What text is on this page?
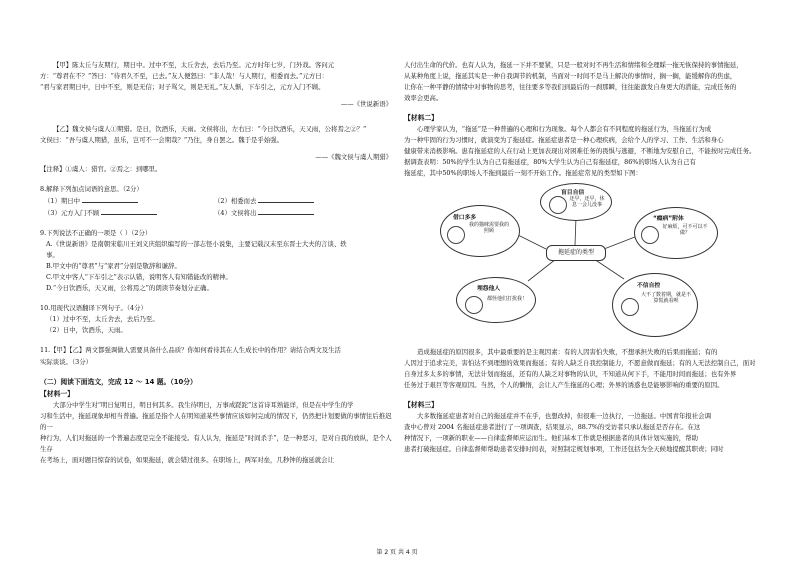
【甲】陈太丘与友期行，期日中。过中不至，太丘舍去，去后乃至。元方时年七岁，门外戏。客问元

方：“尊君在不？”答曰：“待君久不至，已去。”友人便怒曰：“非人哉！与人期行，相委而去。”元方曰：

“君与家君期日中，日中不至，则是无信；对子骂父，则是无礼。”友人惭，下车引之，元方入门不顾。

——《世说新语》

【乙】魏文侯与虞人①期猎。是日，饮酒乐，天雨。文侯将出，左右曰：“今日饮酒乐，天又雨，公将焉之②？”

文侯曰：“吾与虞人期猎，虽乐，岂可不一会期哉？”乃往，身自罢之。魏于是乎始强。

——《魏文侯与虞人期猎》
【注释】①虞人：猎官。②焉之：到哪里。
8.解释下列加点词语的意思。（2分）
（1）期日中	（2）相委而去
（3）元方入门不顾	（4）文侯将出
9.下列说法不正确的一项是（ ）（2分）
A.《世说新语》是南朝宋临川王刘义庆组织编写的一部志怪小说集，主要记载汉末至东晋士大夫的言谈、轶
事。
B.甲文中的“尊君”与“家君”分别是敬辞和谦辞。
C.甲文中客人“下车引之”表示认错，说明客人有知错能改的精神。
D.“今日饮酒乐，天又雨，公将焉之”的朗读节奏划分正确。
10.用现代汉语翻译下列句子。（4分）
（1）过中不至，太丘舍去，去后乃至。
（2）日中，饮酒乐，天雨。
11.【甲】【乙】两文都强调做人需要具备什么品质？你如何看待其在人生成长中的作用？请结合两文及生活
实际谈谈。（3分）
（二）阅读下面选文，完成 12 ～ 14 题。（10分）
【材料一】

大部分中学生对“明日复明日，明日何其多。我生待明日，万事成蹉跎”这首诗耳熟能详，但是在中学生的学

习和生活中，拖延现象却相当普遍。拖延是指个人在明知道某些事情应该如何完成的情况下，仍然把计划要做的事情往后推迟的一

种行为，人们对拖延的一个普遍态度是完全不能接受。有人认为，拖延是“时间杀手”，是一种恶习，是对自我的放纵，是个人生存

在考场上，面对题目惊奋的试卷，如果拖延，就会错过很多。在职场上，两军对垒，几秒钟的拖延就会让

人付出生命的代价。也有人认为，拖延一下并不要紧，只是一般对时不再生活和情绪和全理睬一拖无恢保持的事情拖延，

从某种角度上说，拖延其实是一种自我调节的机制，当面对一时间不是马上解决的事情时，搁一搁，能缓解你的焦虑，

让你在一种平静的情绪中对事物的思考，往往要多等我们到最后的一刹那瞬，往往能激发自身更大的潜能，完成任务的

效率会更高。

【材料二】

心理学家认为，“拖延”是一种普遍的心理和行为现象。每个人都会有不同程度的拖延行为，当拖延行为成

为一种牢固的行为习惯时，就演变为了拖延症。拖延症患者是一种心理疾病，会给个人的学习、工作、生活和身心

健康带来消极影响。患有拖延症的人在行动上更加表现出对困难任务的畏惧与逃避，不断地为安慰自己，不能按时完成任务。

据调查表明：50%的学生认为自己有拖延症，80%大学生认为自己有拖延症，86%的职场人认为自己有

拖延症，其中50%的职场人不拖到最后一刻不开始工作。拖延症常见的类型如下图：

拖延症的类型
盲目自信
还早，还早，休息一会儿没事
借口多多
我的猫咪需要我的照顾
“瘾病”附体
好麻烦，可不可以不做？
埋怨他人
都怪他们打扰我！
不信自控
大不了数着期，就是不算慌就看呗

造成拖延症的原因很多，其中最重要的是主观因素：有的人因害怕失败，不想承担失败的后果而拖延；有的

人因过于追求完美，害怕达不到理想的效果而拖延；有的人缺乏自我控制能力，不愿意做而拖延；有的人无法控制自己，面对

自身过多太多的事情，无法计划而拖延，还有的人缺乏对事物的认识，不知道从何下手，不能用时间而拖延；也有外界

任务过于艰巨等客观原因。当然，个人的懒惰，会让人产生拖延的心理；外界的诱惑也是能够影响的重要的原因。

【材料三】

大多数拖延症患者对自己的拖延症并不在乎，也想改掉，但很难一边执行，一边拖延。中国青年报社会调

查中心曾对 2004 名拖延症患者进行了一项调查，结果显示，88.7%的受访者只承认拖延是否存在。在这

种情况下，一项新的职业——自律监督师应运而生。他们基本工作就是根据患者的具体计划实施的，帮助

患者打破拖延症。自律监督师帮助患者安排时间表，对照制定规划事项，工作还包括为全天候地提醒其职责；同时

第 2 页 共 4 页
